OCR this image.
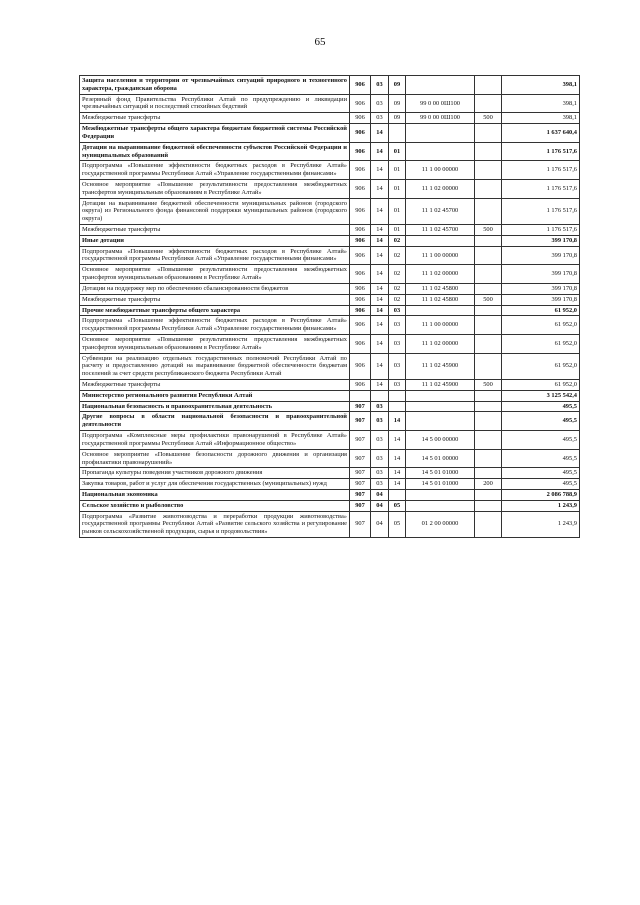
65
Защита населения и территории от чрезвычайных ситуаций природного и техногенного характера, гражданская оборона	906	03	09			398,1
Резервный фонд Правительства Республики Алтай по предупреждению и ликвидации чрезвычайных ситуаций и последствий стихийных бедствий	906	03	09	99 0 00 0Ш100		398,1
Межбюджетные трансферты	906	03	09	99 0 00 0Ш100	500	398,1
Межбюджетные трансферты общего характера бюджетам бюджетной системы Российской Федерации	906	14				1 637 640,4
Дотации на выравнивание бюджетной обеспеченности субъектов Российской Федерации и муниципальных образований	906	14	01			1 176 517,6
Подпрограмма «Повышение эффективности бюджетных расходов в Республике Алтай» государственной программы Республики Алтай «Управление государственными финансами»	906	14	01	11 1 00 00000		1 176 517,6
Основное мероприятие «Повышение результативности предоставления межбюджетных трансфертов муниципальным образованиям в Республике Алтай»	906	14	01	11 1 02 00000		1 176 517,6
Дотации на выравнивание бюджетной обеспеченности муниципальных районов (городского округа) из Регионального фонда финансовой поддержки муниципальных районов (городского округа)	906	14	01	11 1 02 45700		1 176 517,6
Межбюджетные трансферты	906	14	01	11 1 02 45700	500	1 176 517,6
Иные дотации	906	14	02			399 170,8
Подпрограмма «Повышение эффективности бюджетных расходов в Республике Алтай» государственной программы Республики Алтай «Управление государственными финансами»	906	14	02	11 1 00 00000		399 170,8
Основное мероприятие «Повышение результативности предоставления межбюджетных трансфертов муниципальным образованиям в Республике Алтай»	906	14	02	11 1 02 00000		399 170,8
Дотации на поддержку мер по обеспечению сбалансированности бюджетов	906	14	02	11 1 02 45800		399 170,8
Межбюджетные трансферты	906	14	02	11 1 02 45800	500	399 170,8
Прочие межбюджетные трансферты общего характера	906	14	03			61 952,0
Подпрограмма «Повышение эффективности бюджетных расходов в Республике Алтай» государственной программы Республики Алтай «Управление государственными финансами»	906	14	03	11 1 00 00000		61 952,0
Основное мероприятие «Повышение результативности предоставления межбюджетных трансфертов муниципальным образованиям в Республике Алтай»	906	14	03	11 1 02 00000		61 952,0
Субвенции на реализацию отдельных государственных полномочий Республики Алтай по расчету и предоставлению дотаций на выравнивание бюджетной обеспеченности бюджетам поселений за счет средств республиканского бюджета Республики Алтай	906	14	03	11 1 02 45900		61 952,0
Межбюджетные трансферты	906	14	03	11 1 02 45900	500	61 952,0
Министерство регионального развития Республики Алтай						3 125 542,4
Национальная безопасность и правоохранительная деятельность	907	03				495,5
Другие вопросы в области национальной безопасности и правоохранительной деятельности	907	03	14			495,5
Подпрограмма «Комплексные меры профилактики правонарушений в Республике Алтай» государственной программы Республики Алтай «Информационное общество»	907	03	14	14 5 00 00000		495,5
Основное мероприятие «Повышение безопасности дорожного движения и организация профилактики правонарушений»	907	03	14	14 5 01 00000		495,5
Пропаганда культуры поведения участников дорожного движения	907	03	14	14 5 01 01000		495,5
Закупка товаров, работ и услуг для обеспечения государственных (муниципальных) нужд	907	03	14	14 5 01 01000	200	495,5
Национальная экономика	907	04				2 086 788,9
Сельское хозяйство и рыболовство	907	04	05			1 243,9
Подпрограмма «Развитие животноводства и переработки продукции животноводства» государственной программы Республики Алтай «Развитие сельского хозяйства и регулирование рынков сельскохозяйственной продукции, сырья и продовольствия»	907	04	05	01 2 00 00000		1 243,9
